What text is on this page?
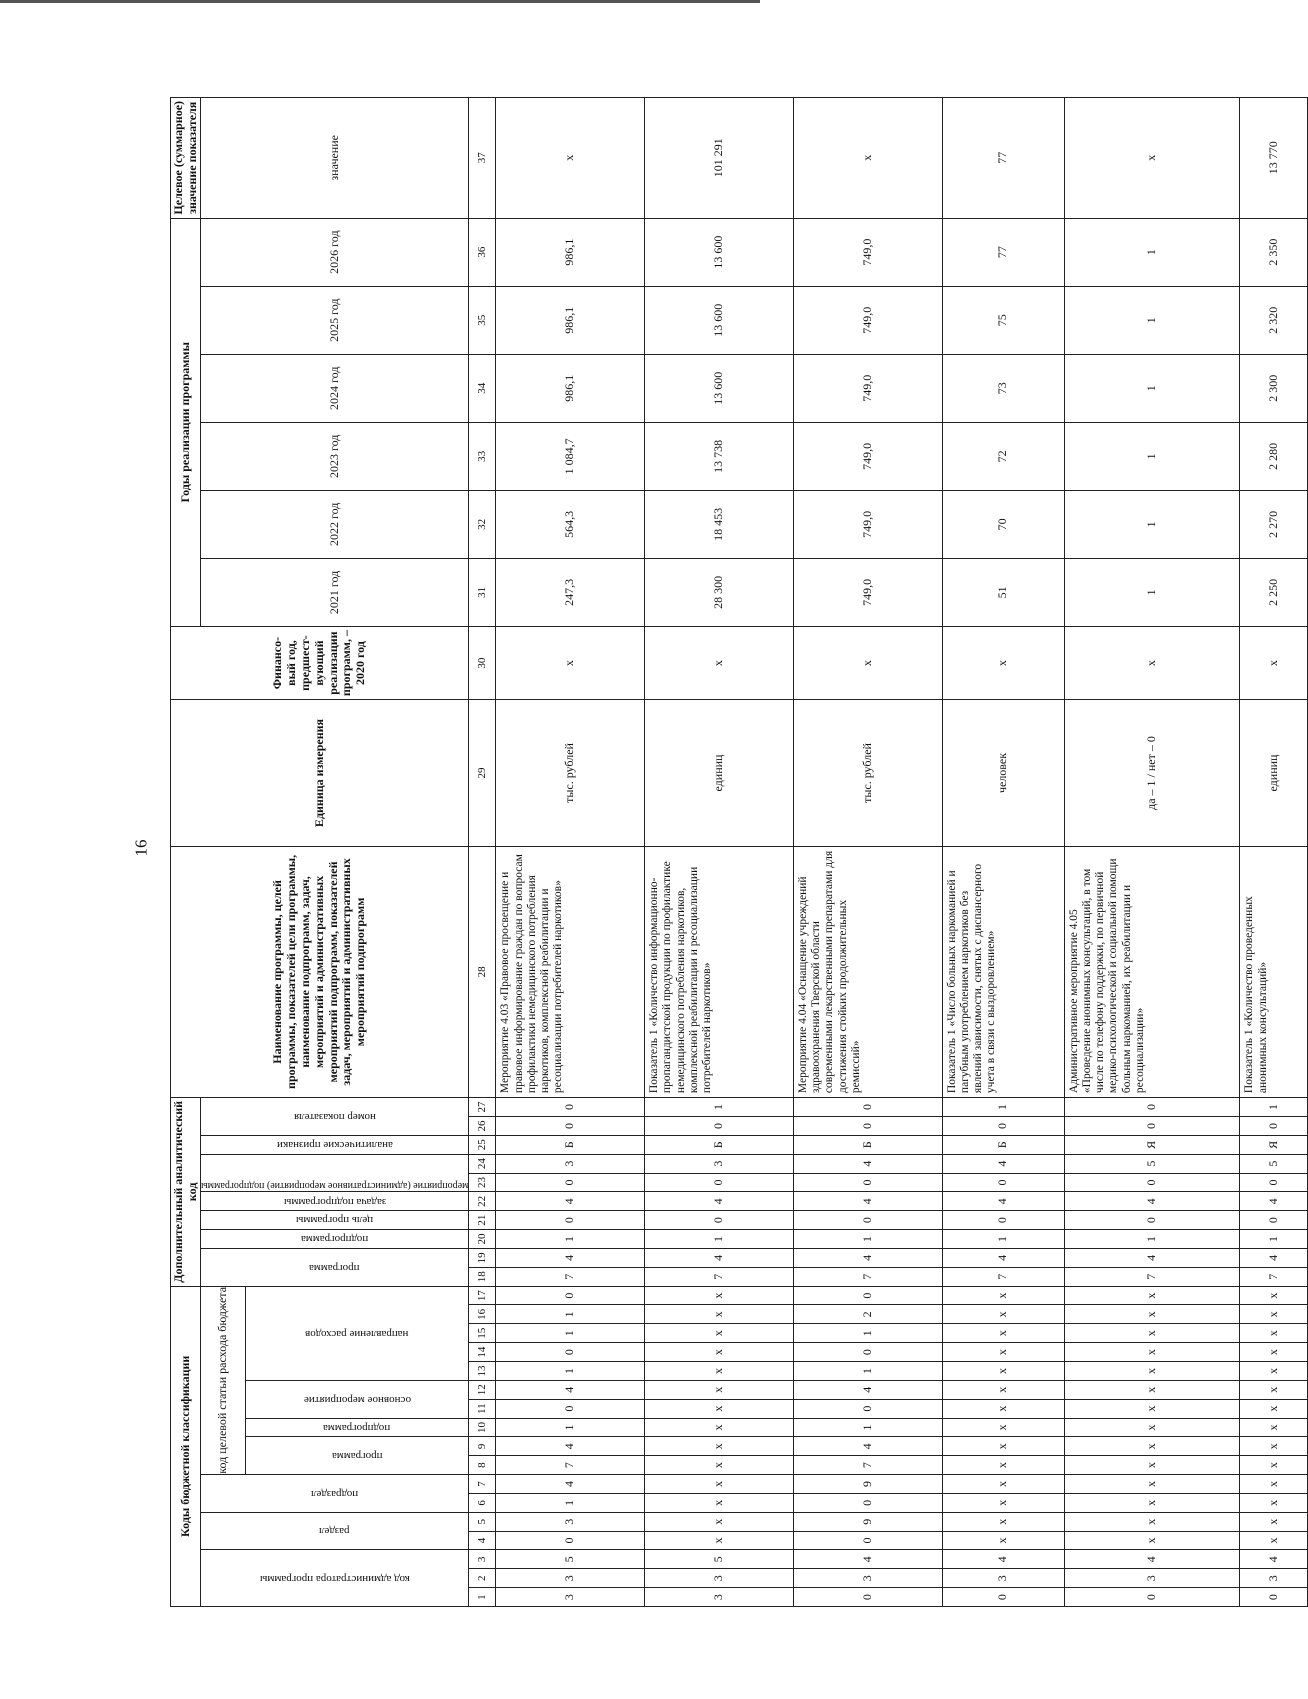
16
Коды бюджетной классификации																	Дополнительный аналитический код										Наименование программы, целей программы, показателей цели программы, наименование подпрограмм, задач, мероприятий и административных мероприятий подпрограмм, показателей задач, мероприятий и административных мероприятий подпрограмм	Единица измерения	Финансо-вый год, предшест-вующий реализации программ, – 2020 год	Годы реализации программы						Целевое (суммарное) значение показателя

код администратора программы			раздел		подраздел		код целевой статьи расхода бюджета										программа		подпрограмма	цель программы	задача подпрограммы	мероприятие (административное мероприятие) подпрограммы		аналитические признаки	номер показателя					2021 год	2022 год	2023 год	2024 год	2025 год	2026 год	значение

							программа		подпрограмма	основное мероприятие		направление расходов																								

1	2	3	4	5	6	7	8	9	10	11	12	13	14	15	16	17	18	19	20	21	22	23	24	25	26	27	28	29	30	31	32	33	34	35	36	37
3	3	5	0	3	1	4	7	4	1	0	4	1	0	1	1	0	7	4	1	0	4	0	3	Б	0	0	Мероприятие 4.03 «Правовое просвещение и правовое информирование граждан по вопросам профилактики немедицинского потребления наркотиков, комплексной реабилитации и ресоциализации потребителей наркотиков»	тыс. рублей	х	247,3	564,3	1 084,7	986,1	986,1	986,1	х
3	3	5	х	х	х	х	х	х	х	х	х	х	х	х	х	х	7	4	1	0	4	0	3	Б	0	1	Показатель 1 «Количество информационно-пропагандистской продукции по профилактике немедицинского потребления наркотиков, комплексной реабилитации и ресоциализации потребителей наркотиков»	единиц	х	28 300	18 453	13 738	13 600	13 600	13 600	101 291
0	3	4	0	9	0	9	7	4	1	0	4	1	0	1	2	0	7	4	1	0	4	0	4	Б	0	0	Мероприятие 4.04 «Оснащение учреждений здравоохранения Тверской области современными лекарственными препаратами для достижения стойких продолжительных ремиссий»	тыс. рублей	х	749,0	749,0	749,0	749,0	749,0	749,0	х
0	3	4	х	х	х	х	х	х	х	х	х	х	х	х	х	х	7	4	1	0	4	0	4	Б	0	1	Показатель 1 «Число больных наркоманией и пагубным употреблением наркотиков без явлений зависимости, снятых с диспансерного учета в связи с выздоровлением»	человек	х	51	70	72	73	75	77	77
0	3	4	х	х	х	х	х	х	х	х	х	х	х	х	х	х	7	4	1	0	4	0	5	Я	0	0	Административное мероприятие 4.05 «Проведение анонимных консультаций, в том числе по телефону поддержки, по первичной медико-психологической и социальной помощи больным наркоманией, их реабилитации и ресоциализации»	да – 1 / нет – 0	х	1	1	1	1	1	1	х
0	3	4	х	х	х	х	х	х	х	х	х	х	х	х	х	х	7	4	1	0	4	0	5	Я	0	1	Показатель 1 «Количество проведенных анонимных консультаций»	единиц	х	2 250	2 270	2 280	2 300	2 320	2 350	13 770
